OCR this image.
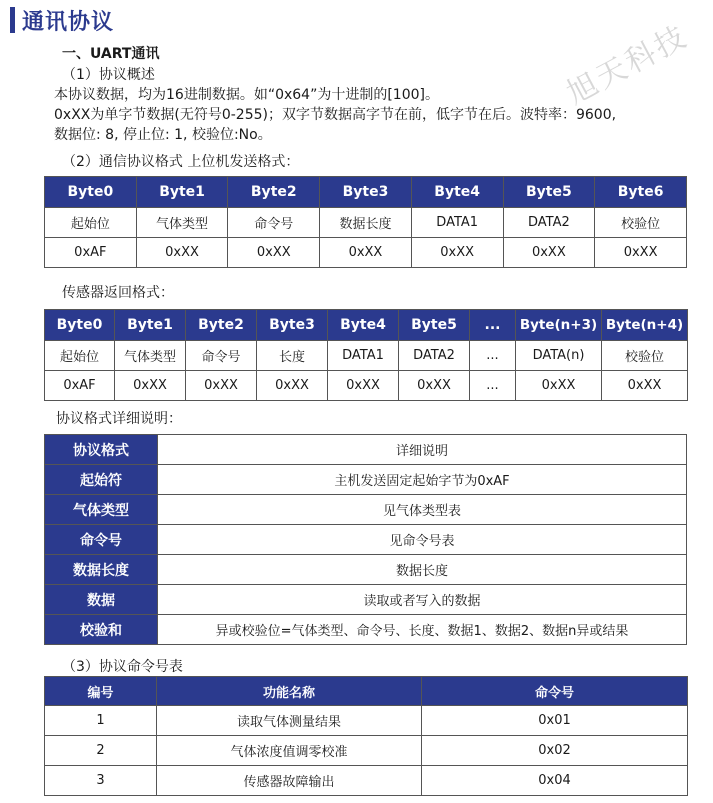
通讯协议	旭天科技
一、UART通讯
（1）协议概述
本协议数据，均为16进制数据。如“0x64”为十进制的[100]。
0xXX为单字节数据(无符号0-255)；双字节数据高字节在前，低字节在后。波特率：9600,
数据位: 8, 停止位: 1, 校验位:No。
（2）通信协议格式 上位机发送格式：
Byte0	Byte1	Byte2	Byte3	Byte4	Byte5	Byte6
起始位	气体类型	命令号	数据长度	DATA1	DATA2	校验位
0xAF	0xXX	0xXX	0xXX	0xXX	0xXX	0xXX
传感器返回格式：
Byte0	Byte1	Byte2	Byte3	Byte4	Byte5	...	Byte(n+3)	Byte(n+4)
起始位	气体类型	命令号	长度	DATA1	DATA2	...	DATA(n)	校验位
0xAF	0xXX	0xXX	0xXX	0xXX	0xXX	...	0xXX	0xXX
协议格式详细说明：
协议格式	详细说明
起始符	主机发送固定起始字节为0xAF
气体类型	见气体类型表
命令号	见命令号表
数据长度	数据长度
数据	读取或者写入的数据
校验和	异或校验位=气体类型、命令号、长度、数据1、数据2、数据n异或结果
（3）协议命令号表
编号	功能名称	命令号
1	读取气体测量结果	0x01
2	气体浓度值调零校准	0x02
3	传感器故障输出	0x04
